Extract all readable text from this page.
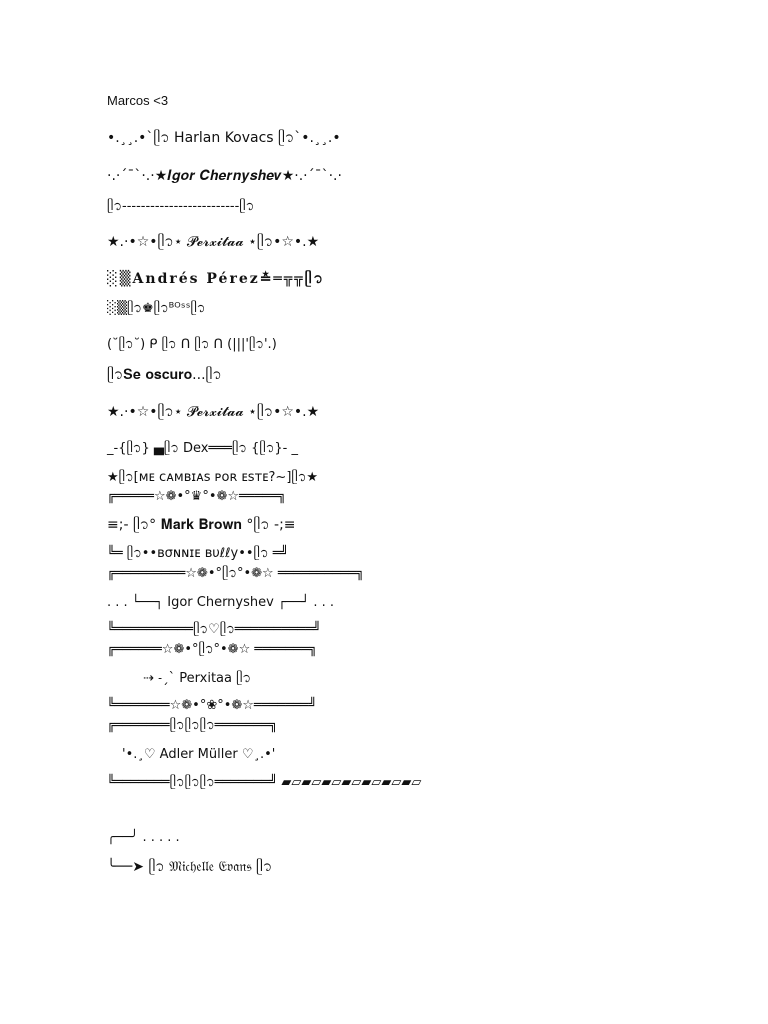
Marcos <3
•.¸¸.•`ᥫ᭡ Harlan Kovacs ᥫ᭡`•.¸¸.•
·.·´¯`·.·★𝑰𝒈𝒐𝒓 𝑪𝒉𝒆𝒓𝒏𝒚𝒔𝒉𝒆𝒗★·.·´¯`·.·
ᥫ᭡-------------------------ᥫ᭡
★.·•☆•ᥫ᭡⋆ 𝓟𝓮𝓻𝔁𝓲𝓽𝓪𝓪 ⋆ᥫ᭡•☆•.★
░▒Andrés Pérez≛═╦╦ᥫ᭡
░▒ᥫ᭡♚ᥫ᭡ᴮᴼˢˢᥫ᭡
(˘ᥫ᭡˘) ᑭ ᥫ᭡ ᑎ ᥫ᭡ ᑎ (|||'ᥫ᭡'.)
ᥫ᭡𝐒𝐞 𝐨𝐬𝐜𝐮𝐫𝐨...ᥫ᭡
★.·•☆•ᥫ᭡⋆ 𝓟𝓮𝓻𝔁𝓲𝓽𝓪𝓪 ⋆ᥫ᭡•☆•.★
_-{ᥫ᭡} ▄ᥫ᭡ Dex═══ᥫ᭡ {ᥫ᭡}- _
★ᥫ᭡[ᴍᴇ ᴄᴀᴍʙɪᴀꜱ ᴘᴏʀ ᴇꜱᴛᴇ?~]ᥫ᭡★
╔═════☆❁•°♛°•❁☆═════╗
≡;- ᥫ᭡° 𝐌𝐚𝐫𝐤 𝐁𝐫𝐨𝐰𝐧 °ᥫ᭡ -;≡
╚═ ᥫ᭡••ʙσɴɴɪᴇ ʙυℓℓу••ᥫ᭡ ═╝
╔═════════☆❁•°ᥫ᭡°•❁☆ ══════════╗
. . . └──┐ Igor Chernyshev ┌──┘ . . .
╚══════════ᥫ᭡♡ᥫ᭡══════════╝
╔══════☆❁•°ᥫ᭡°•❁☆ ═══════╗
⇢ ˗ˏˋ Perxitaa ᥫ᭡
╚═══════☆❁•°❀°•❁☆═══════╝
╔═══════ᥫ᭡ᥫ᭡ᥫ᭡═══════╗
'•.¸♡ Adler Müller ♡¸.•'
╚═══════ᥫ᭡ᥫ᭡ᥫ᭡═══════╝ ▰▱▰▱▰▱▰▱▰▱▰▱▰▱
╭──╯ . . . . .
╰──➤ ᥫ᭡ 𝔐𝔦𝔠𝔥𝔢𝔩𝔩𝔢 𝔈𝔳𝔞𝔫𝔰 ᥫ᭡
